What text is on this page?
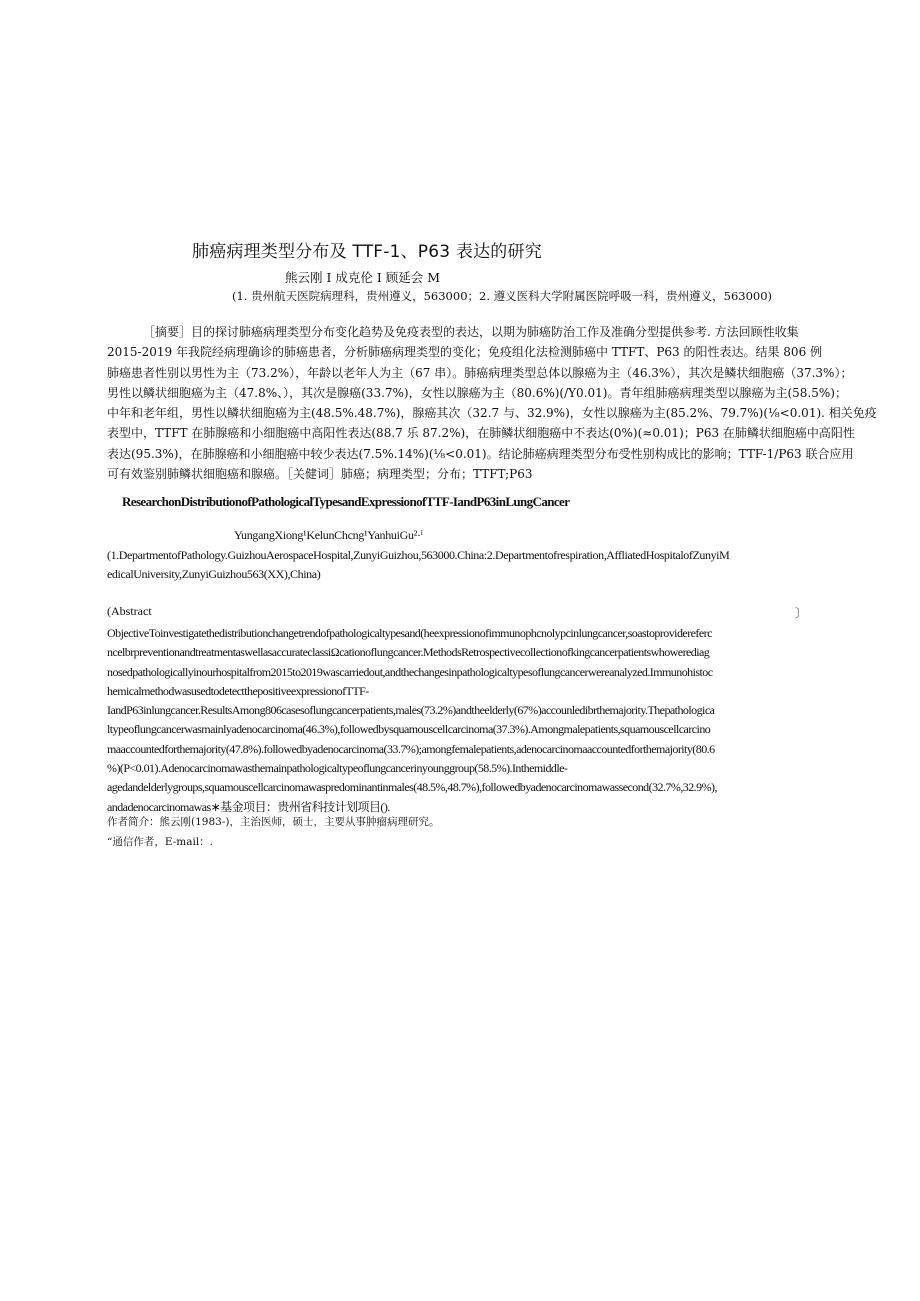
肺癌病理类型分布及 TTF-1、P63 表达的研究
熊云刚 I 成克伦 I 顾延会 M
(1. 贵州航天医院病理科，贵州遵义，563000；2. 遵义医科大学附属医院呼吸一科，贵州遵义，563000)
［摘要］目的探讨肺癌病理类型分布变化趋势及免疫表型的表达，以期为肺癌防治工作及准确分型提供参考. 方法回顾性收集
2015-2019 年我院经病理确诊的肺癌患者，分析肺癌病理类型的变化；免疫组化法检测肺癌中 TTFT、P63 的阳性表达。结果 806 例
肺癌患者性别以男性为主（73.2%），年龄以老年人为主（67 串）。肺癌病理类型总体以腺癌为主（46.3%），其次是鳞状细胞癌（37.3%）；
男性以鳞状细胞癌为主（47.8%、），其次是腺癌(33.7%)，女性以腺癌为主（80.6%)(/Y0.01)。青年组肺癌病理类型以腺癌为主(58.5%)；
中年和老年组，男性以鳞状细胞癌为主(48.5%.48.7%)，腺癌其次（32.7 与、32.9%)，女性以腺癌为主(85.2%、79.7%)(⅛<0.01). 相关免疫
表型中，TTFT 在肺腺癌和小细胞癌中高阳性表达(88.7 乐 87.2%)，在肺鳞状细胞癌中不表达(0%)(≈0.01)；P63 在肺鳞状细胞癌中高阳性
表达(95.3%)，在肺腺癌和小细胞癌中较少表达(7.5%.14%)(⅛<0.01)。结论肺癌病理类型分布受性别构成比的影响；TTF-1/P63 联合应用
可有效鉴别肺鳞状细胞癌和腺癌。［关健词］肺癌；病理类型；分布；TTFT;P63
ResearchonDistributionofPathologicalTypesandExpressionofTTF-IandP63inLungCancer
YungangXiong¹KelunChcng¹YanhuiGu²·ⁱ
(1.DepartmentofPathology.GuizhouAerospaceHospital,ZunyiGuizhou,563000.China:2.Departmentofrespiration,AffliatedHospitalofZunyiM
edicalUniversity,ZunyiGuizhou563(XX),China)
(Abstract	〕
ObjectiveToinvestigatethedistributionchangetrendofpathologicaltypesand(heexpressionofimmunophcnolypcinlungcancer,soastoprovidereferc
ncelbrpreventionandtreatmentaswellasaccurateclassiΩcationoflungcancer.MethodsRetrospectivecollectionofkingcancerpatientswhowerediag
nosedpathologicallyinourhospitalfrom2015to2019wascarriedout,andthechangesinpathologicaltypesoflungcancerwereanalyzed.Immunohistoc
hemicalmethodwasusedtodetectthepositiveexpressionofTTF-
IandP63inlungcancer.ResultsAmong806casesoflungcancerpatients,males(73.2%)andtheelderly(67%)accounledibrthemajority.Thepathologica
ltypeoflungcancerwasmainlyadenocarcinoma(46.3%),followedbysquamouscellcarcinoma(37.3%).Amongmalepatients,squamouscellcarcino
maaccountedforthemajority(47.8%).followedbyadenocarcinoma(33.7%);amongfemalepatients,adenocarcinomaaccountedforthemajority(80.6
%)(P<0.01).Adenocarcinomawasthemainpathologicaltypeoflungcancerinyounggroup(58.5%).Inthemiddle-
agedandelderlygroups,squamouscellcarcinomawaspredominantinmales(48.5%,48.7%),followedbyadenocarcinomawassecond(32.7%,32.9%),
andadenocarcinomawas∗基金项目：贵州省科技计划项目().
作者简介：熊云刚(1983-)，主治医师，硕士，主要从事肿瘤病理研究。
“通信作者，E-mail：.
